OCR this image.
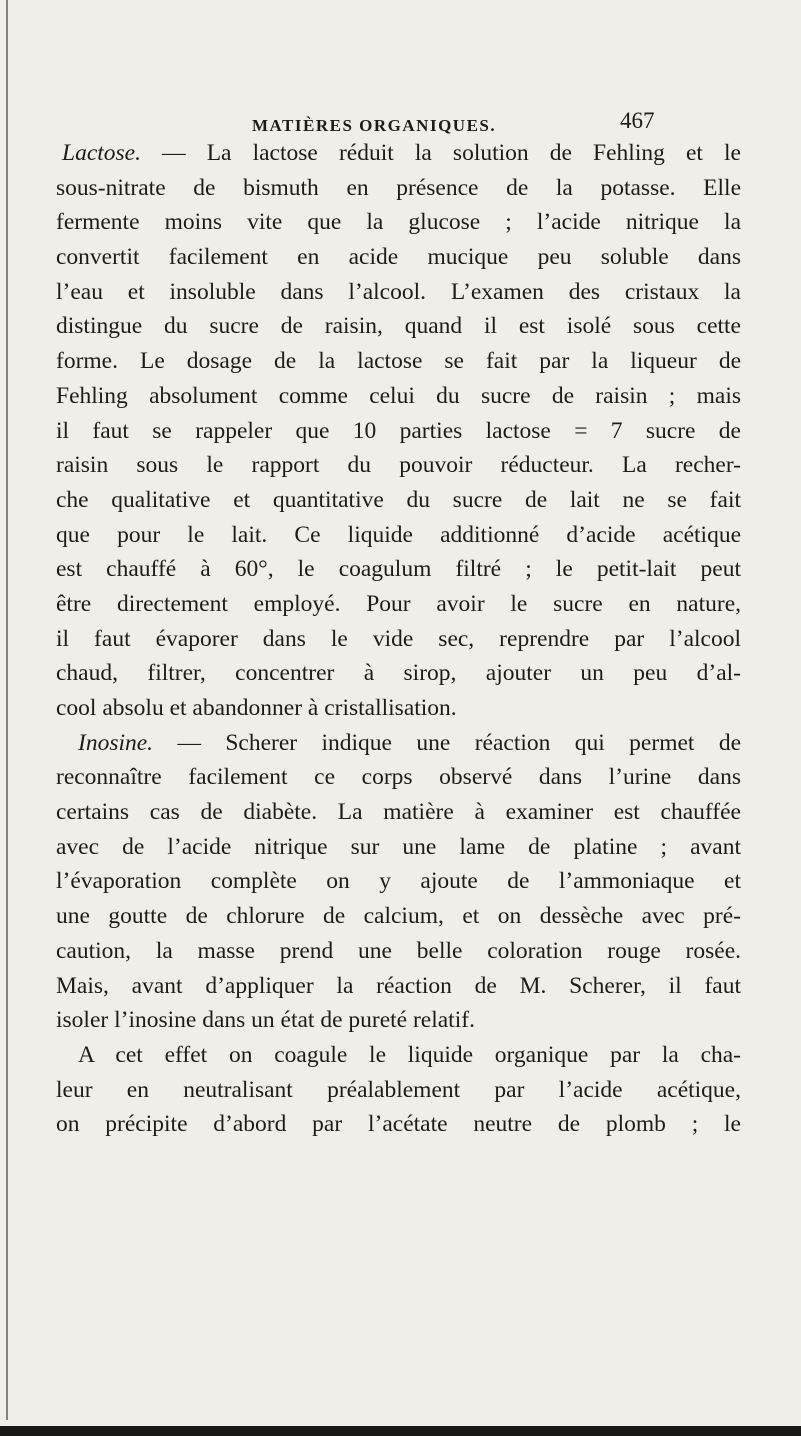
MATIÈRES ORGANIQUES.	467
Lactose. — La lactose réduit la solution de Fehling et le
sous-nitrate de bismuth en présence de la potasse. Elle
fermente moins vite que la glucose ; l’acide nitrique la
convertit facilement en acide mucique peu soluble dans
l’eau et insoluble dans l’alcool. L’examen des cristaux la
distingue du sucre de raisin, quand il est isolé sous cette
forme. Le dosage de la lactose se fait par la liqueur de
Fehling absolument comme celui du sucre de raisin ; mais
il faut se rappeler que 10 parties lactose = 7 sucre de
raisin sous le rapport du pouvoir réducteur. La recher-
che qualitative et quantitative du sucre de lait ne se fait
que pour le lait. Ce liquide additionné d’acide acétique
est chauffé à 60°, le coagulum filtré ; le petit-lait peut
être directement employé. Pour avoir le sucre en nature,
il faut évaporer dans le vide sec, reprendre par l’alcool
chaud, filtrer, concentrer à sirop, ajouter un peu d’al-
cool absolu et abandonner à cristallisation.
Inosine. — Scherer indique une réaction qui permet de
reconnaître facilement ce corps observé dans l’urine dans
certains cas de diabète. La matière à examiner est chauffée
avec de l’acide nitrique sur une lame de platine ; avant
l’évaporation complète on y ajoute de l’ammoniaque et
une goutte de chlorure de calcium, et on dessèche avec pré-
caution, la masse prend une belle coloration rouge rosée.
Mais, avant d’appliquer la réaction de M. Scherer, il faut
isoler l’inosine dans un état de pureté relatif.
A cet effet on coagule le liquide organique par la cha-
leur en neutralisant préalablement par l’acide acétique,
on précipite d’abord par l’acétate neutre de plomb ; le
